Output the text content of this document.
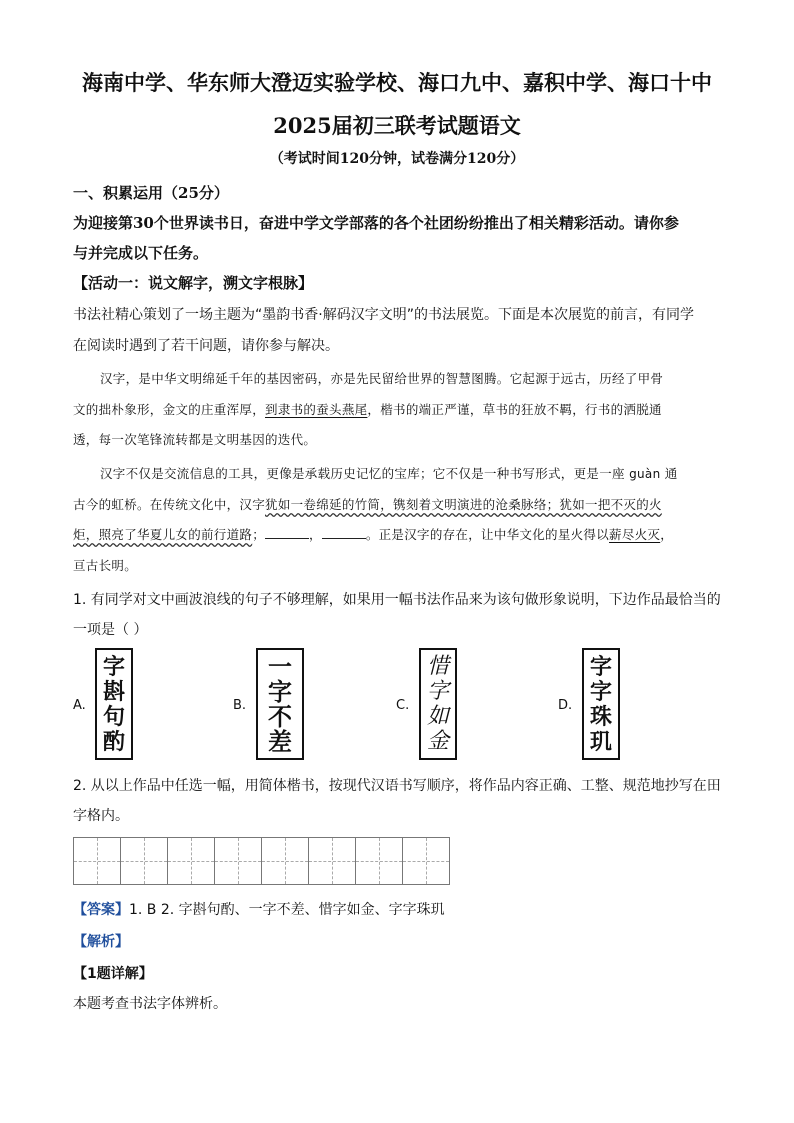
海南中学、华东师大澄迈实验学校、海口九中、嘉积中学、海口十中
2025届初三联考试题语文
（考试时间120分钟，试卷满分120分）
一、积累运用（25分）
为迎接第30个世界读书日，奋进中学文学部落的各个社团纷纷推出了相关精彩活动。请你参
与并完成以下任务。
【活动一：说文解字，溯文字根脉】
书法社精心策划了一场主题为“墨韵书香·解码汉字文明”的书法展览。下面是本次展览的前言，有同学
在阅读时遇到了若干问题，请你参与解决。
汉字，是中华文明绵延千年的基因密码，亦是先民留给世界的智慧图腾。它起源于远古，历经了甲骨
文的拙朴象形，金文的庄重浑厚，到隶书的蚕头燕尾，楷书的端正严谨，草书的狂放不羁，行书的洒脱通
透，每一次笔锋流转都是文明基因的迭代。
汉字不仅是交流信息的工具，更像是承载历史记忆的宝库；它不仅是一种书写形式，更是一座 guàn 通
古今的虹桥。在传统文化中，汉字犹如一卷绵延的竹简，镌刻着文明演进的沧桑脉络；犹如一把不灭的火
炬，照亮了华夏儿女的前行道路；	，	。正是汉字的存在，让中华文化的星火得以薪尽火灭，
亘古长明。
1. 有同学对文中画波浪线的句子不够理解，如果用一幅书法作品来为该句做形象说明，下边作品最恰当的
一项是（ ）
A.
字
斟
句
酌
B.
一
字
不
差
C.
惜
字
如
金
D.
字
字
珠
玑
2. 从以上作品中任选一幅，用简体楷书，按现代汉语书写顺序，将作品内容正确、工整、规范地抄写在田
字格内。
【答案】1. B 2. 字斟句酌、一字不差、惜字如金、字字珠玑
【解析】
【1题详解】
本题考查书法字体辨析。
